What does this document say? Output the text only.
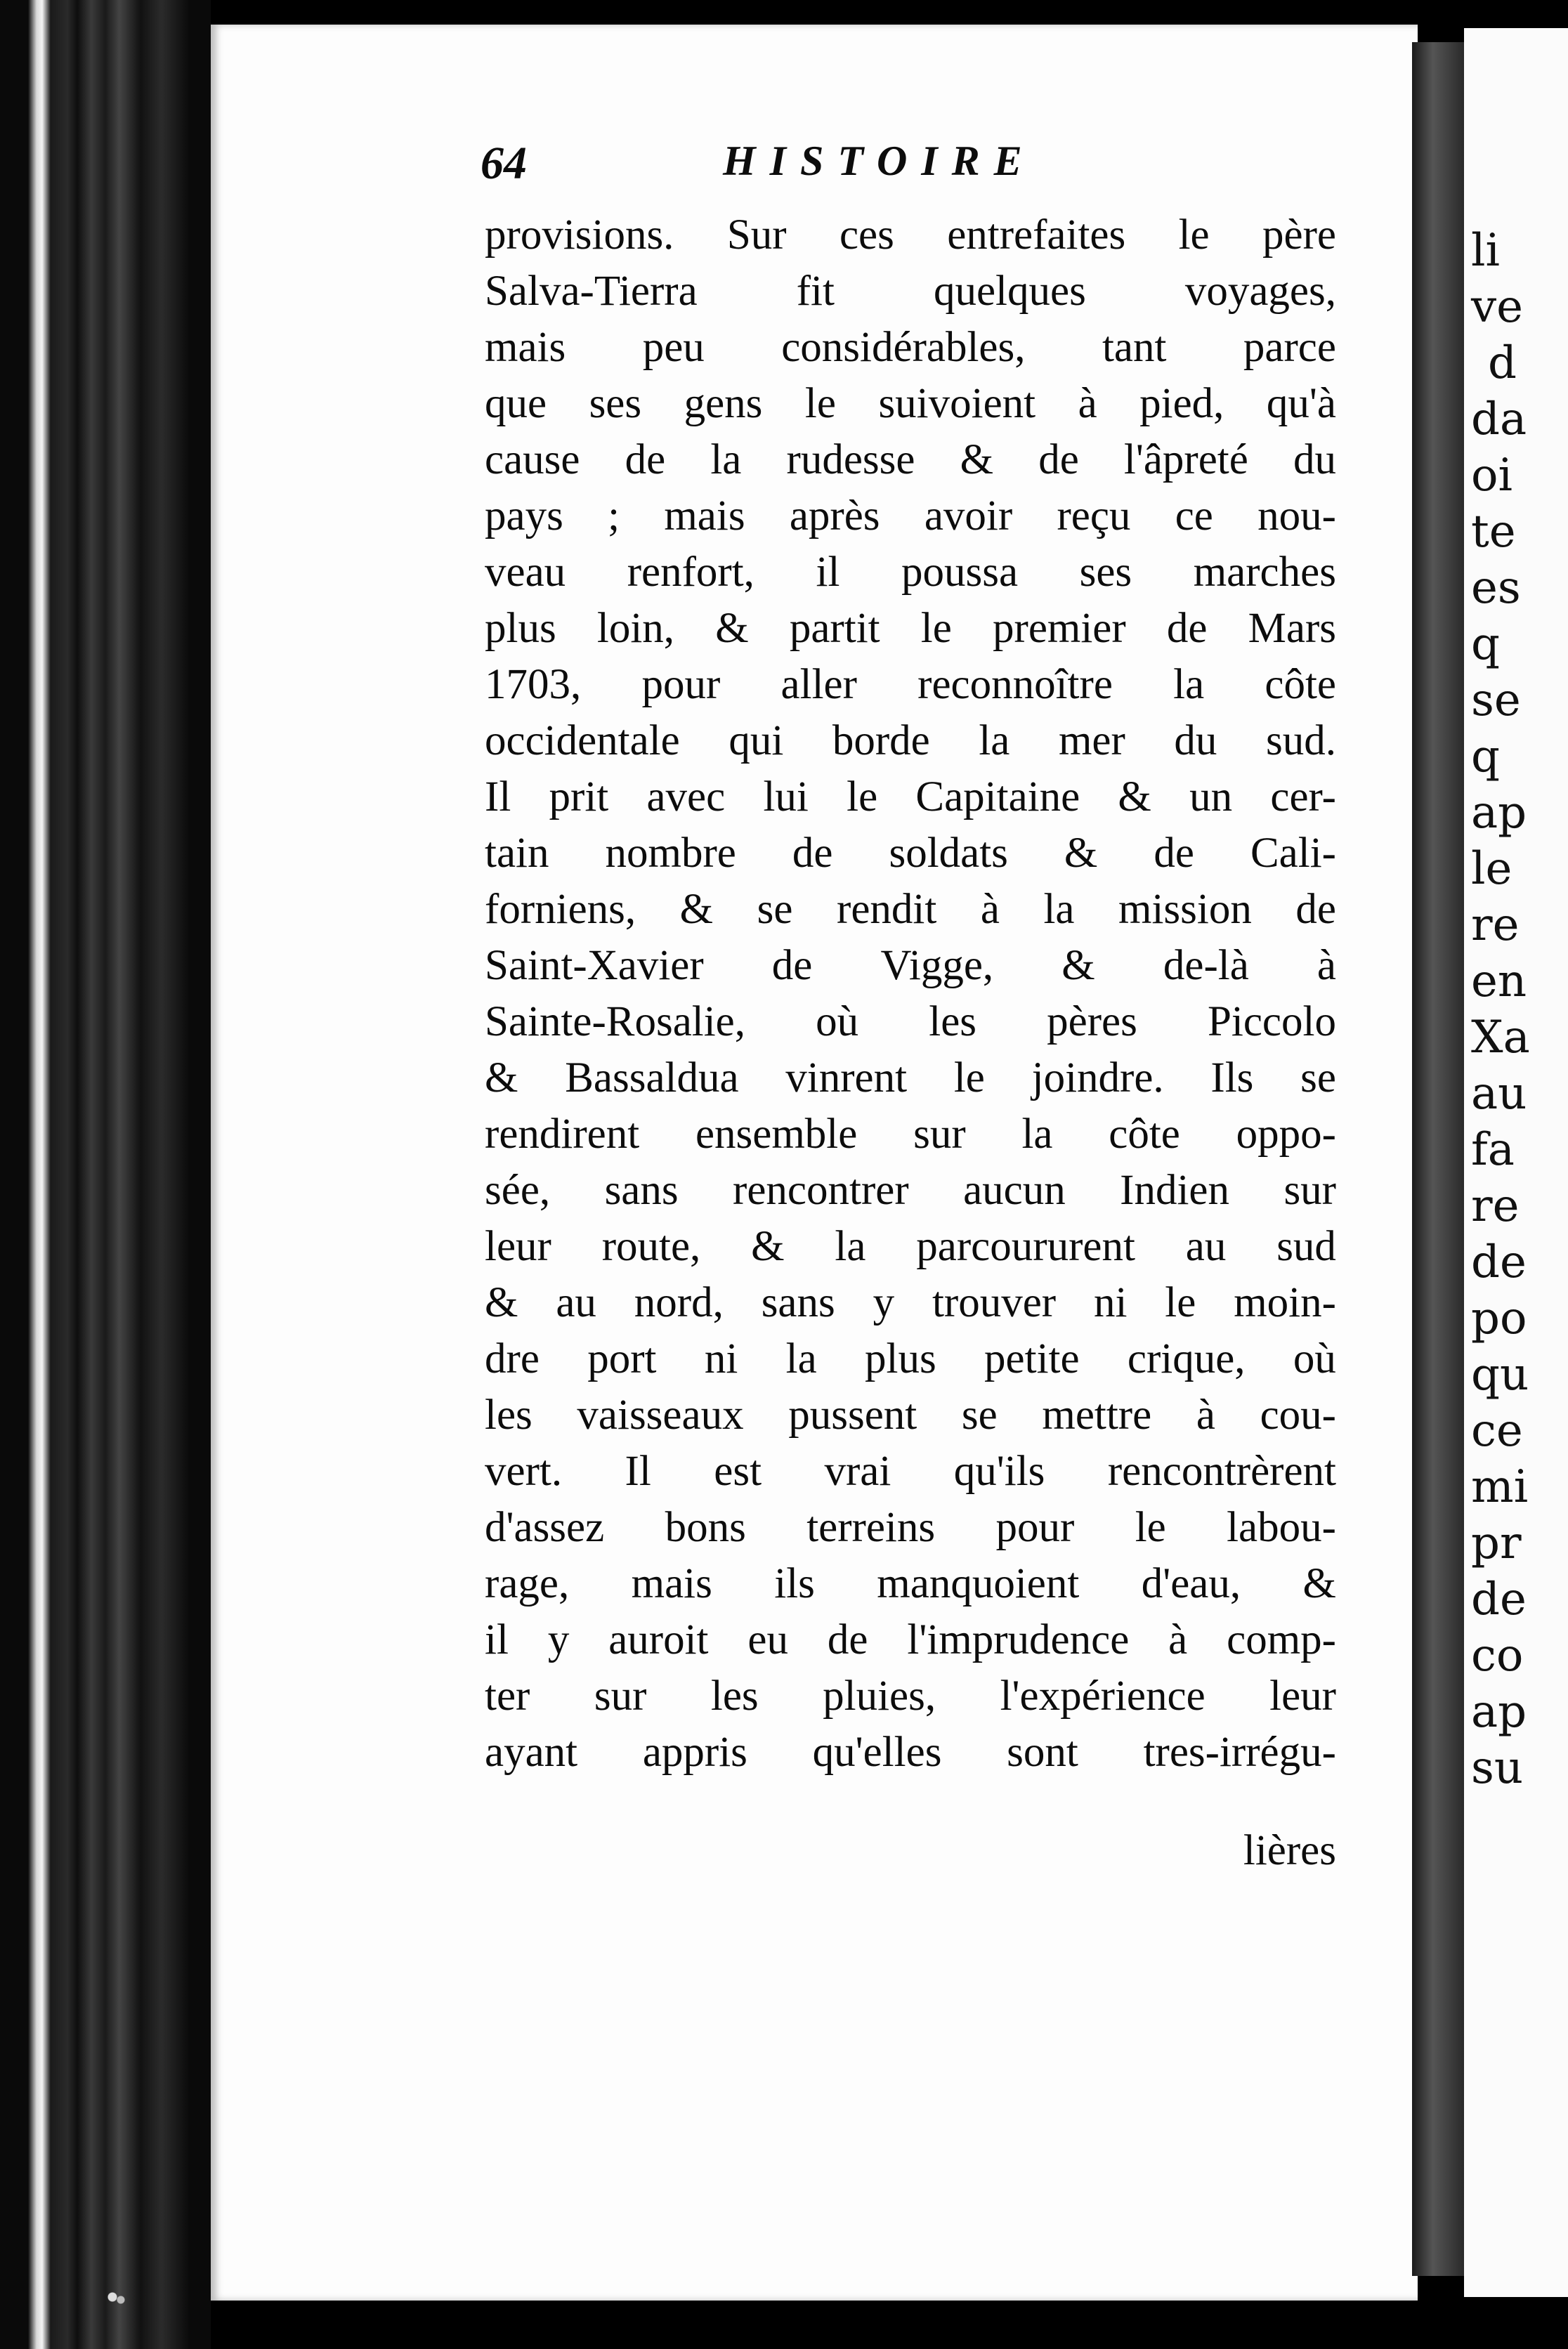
64	HISTOIRE
provisions. Sur ces entrefaites le père
Salva-Tierra fit quelques voyages,
mais peu considérables, tant parce
que ses gens le suivoient à pied, qu'à
cause de la rudesse & de l'âpreté du
pays ; mais après avoir reçu ce nou-
veau renfort, il poussa ses marches
plus loin, & partit le premier de Mars
1703, pour aller reconnoître la côte
occidentale qui borde la mer du sud.
Il prit avec lui le Capitaine & un cer-
tain nombre de soldats & de Cali-
forniens, & se rendit à la mission de
Saint-Xavier de Vigge, & de-là à
Sainte-Rosalie, où les pères Piccolo
& Bassaldua vinrent le joindre. Ils se
rendirent ensemble sur la côte oppo-
sée, sans rencontrer aucun Indien sur
leur route, & la parcoururent au sud
& au nord, sans y trouver ni le moin-
dre port ni la plus petite crique, où
les vaisseaux pussent se mettre à cou-
vert. Il est vrai qu'ils rencontrèrent
d'assez bons terreins pour le labou-
rage, mais ils manquoient d'eau, &
il y auroit eu de l'imprudence à comp-
ter sur les pluies, l'expérience leur
ayant appris qu'elles sont tres-irrégu-
lières
li
ve
d
da
oi
te
es
q
se
q
ap
le
re
en
Xa
au
fa
re
de
po
qu
ce
mi
pr
de
co
ap
su
